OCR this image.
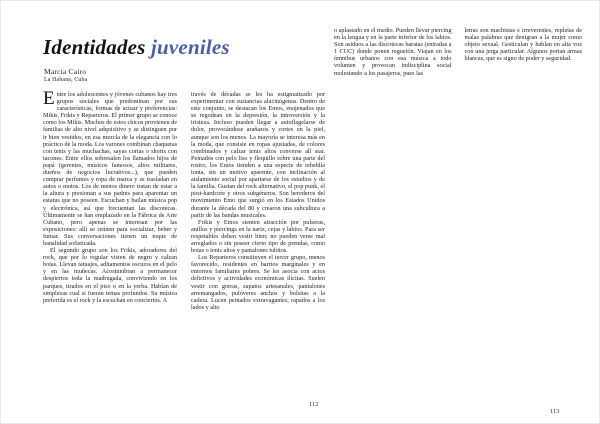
Identidades juveniles
Marcia Cairo
La Habana, Cuba

Entre los adolescentes y jóvenes cubanos hay tres grupos sociales que predominan por sus características, formas de actuar y preferencias: Mikis, Frikis y Reparteros. El primer grupo se conoce como los Mikis. Muchos de estos chicos provienen de familias de alto nivel adquisitivo y se distinguen por ir bien vestidos, en esa mezcla de la elegancia con lo práctico de la moda. Los varones combinan chaquetas con tenis y las muchachas, sayas cortas o shorts con tacones. Entre ellos sobresalen los llamados hijos de papá (gerentes, músicos famosos, altos militares, dueños de negocios lucrativos...), que pueden comprar perfumes y ropa de marca y se trasladan en autos o motos. Los de menos dinero tratan de estar a la altura y presionan a sus padres para aparentar un estatus que no poseen. Escuchan y bailan música pop y electrónica, así que frecuentan las discotecas. Últimamente se han emplazado en la Fábrica de Arte Cubano, pero apenas se interesan por las exposiciones: allí se reúnen para socializar, beber y fumar. Sus conversaciones tienen un toque de banalidad sofisticada.

El segundo grupo son los Frikis, adoradores del rock, que por lo regular visten de negro y calzan botas. Llevan tatuajes, aditamentos oscuros en el pelo y en las muñecas. Acostumbran a permanecer despiertos toda la madrugada, conviviendo en los parques, tirados en el piso o en la yerba. Hablan de simplezas cual si fueran temas profundos. Su música preferida es el rock y la escuchan en conciertos. A

través de décadas se les ha estigmatizado por experimentar con sustancias alucinógenas. Dentro de este conjunto, se destacan los Emos, enajenados que se regodean en la depresión, la introversión y la tristeza. Incluso pueden llegar a autoflagelarse de dolor, provocándose arañazos y cortes en la piel, aunque son los menos. La mayoría se interesa más en la moda, que consiste en ropas ajustadas, de colores combinados y calzar tenis altos converse all star. Peinados con pelo liso y flequillo sobre una parte del rostro, los Emos tienden a una especie de rebeldía tonta, sin un motivo aparente, con inclinación al aislamiento social por apartarse de los estudios y de la familia. Gustan del rock alternativo, el pop punk, el post-hardcore y otros subgéneros. Son herederos del movimiento Emo que surgió en los Estados Unidos durante la década del 80 y crearon una subcultura a partir de las bandas musicales.

Frikis y Emos sienten atracción por pulseras, anillos y piercings en la nariz, cejas y labios. Para ser respetables deben vestir bien; no pueden verse mal arreglados o sin poseer cierto tipo de prendas, como botas o tenis altos y pantalones tubitos.

Los Reparteros constituyen el tercer grupo, menos favorecido, residentes en barrios marginales y en entornos familiares pobres. Se les asocia con actos delictivos y actividades económicas ilícitas. Suelen vestir con gorras, zapatos artesanales, pantalones arremangados, pulóveres anchos y bolsitas a la cadera. Lucen peinados extravagantes, rapados a los lados y alto

112

o aplastado en el medio. Pueden llevar piercing en la lengua y en la parte inferior de los labios. Son asiduos a las discotecas baratas (entradas a 1 CUC) donde ponen reguetón. Viajan en los ómnibus urbanos con esa música a todo volumen y provocan indisciplina social molestando a los pasajeros, pues las

letras son machistas e irreverentes, repletas de malas palabras que denigran a la mujer como objeto sexual. Gesticulan y hablan en alta voz con una jerga particular. Algunos portan armas blancas, que es signo de poder y seguridad.

113
